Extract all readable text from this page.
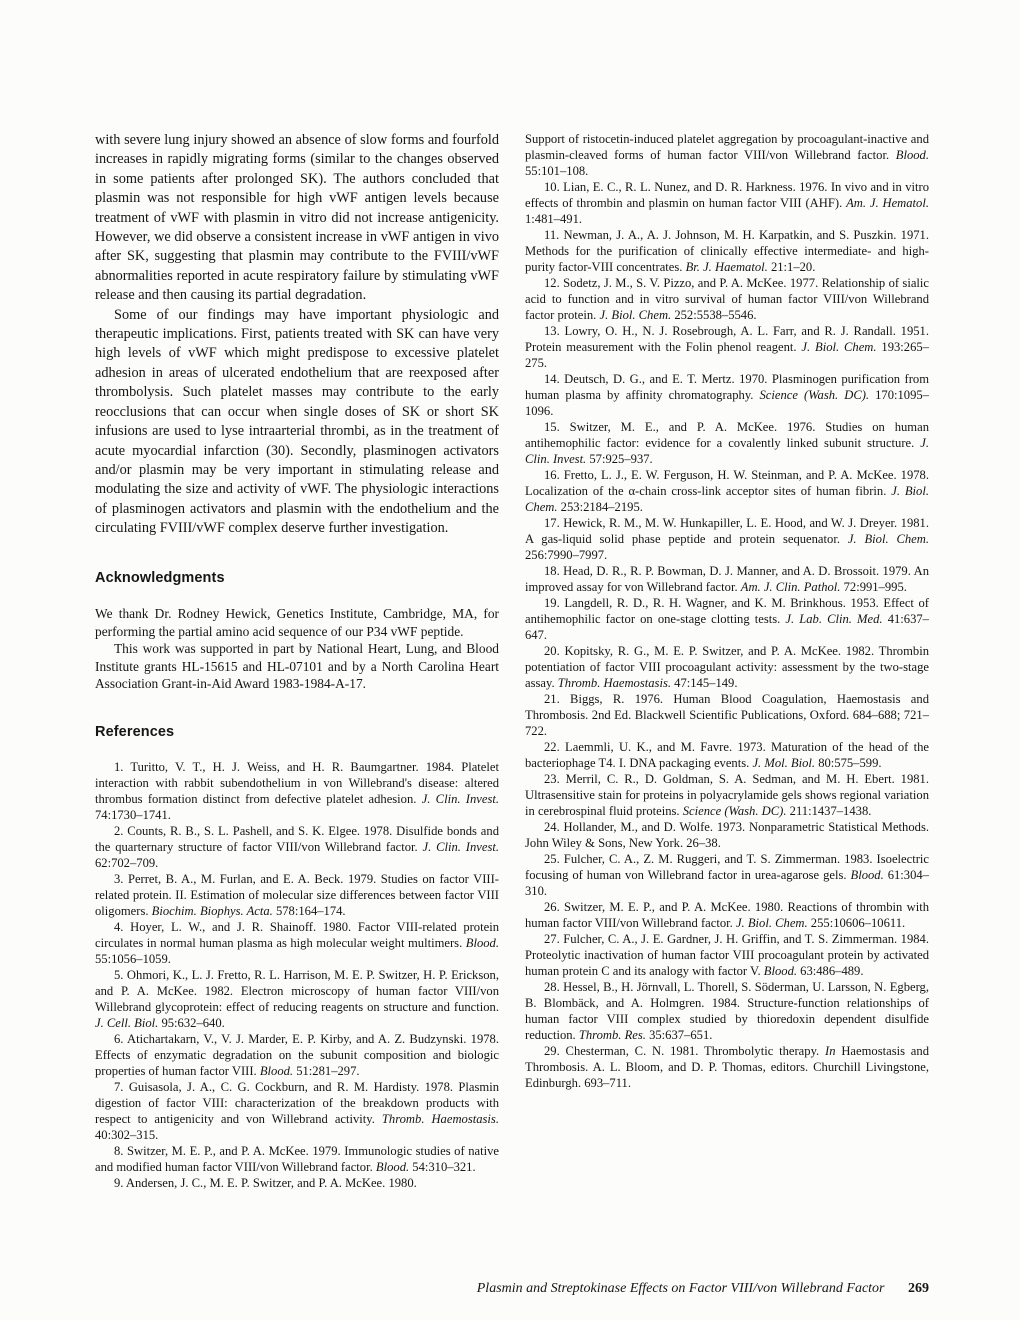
with severe lung injury showed an absence of slow forms and fourfold increases in rapidly migrating forms (similar to the changes observed in some patients after prolonged SK). The authors concluded that plasmin was not responsible for high vWF antigen levels because treatment of vWF with plasmin in vitro did not increase antigenicity. However, we did observe a consistent increase in vWF antigen in vivo after SK, suggesting that plasmin may contribute to the FVIII/vWF abnormalities reported in acute respiratory failure by stimulating vWF release and then causing its partial degradation.

Some of our findings may have important physiologic and therapeutic implications. First, patients treated with SK can have very high levels of vWF which might predispose to excessive platelet adhesion in areas of ulcerated endothelium that are reexposed after thrombolysis. Such platelet masses may contribute to the early reocclusions that can occur when single doses of SK or short SK infusions are used to lyse intraarterial thrombi, as in the treatment of acute myocardial infarction (30). Secondly, plasminogen activators and/or plasmin may be very important in stimulating release and modulating the size and activity of vWF. The physiologic interactions of plasminogen activators and plasmin with the endothelium and the circulating FVIII/vWF complex deserve further investigation.

Acknowledgments

We thank Dr. Rodney Hewick, Genetics Institute, Cambridge, MA, for performing the partial amino acid sequence of our P34 vWF peptide.

This work was supported in part by National Heart, Lung, and Blood Institute grants HL-15615 and HL-07101 and by a North Carolina Heart Association Grant-in-Aid Award 1983-1984-A-17.

References

1. Turitto, V. T., H. J. Weiss, and H. R. Baumgartner. 1984. Platelet interaction with rabbit subendothelium in von Willebrand's disease: altered thrombus formation distinct from defective platelet adhesion. J. Clin. Invest. 74:1730–1741.

2. Counts, R. B., S. L. Pashell, and S. K. Elgee. 1978. Disulfide bonds and the quarternary structure of factor VIII/von Willebrand factor. J. Clin. Invest. 62:702–709.

3. Perret, B. A., M. Furlan, and E. A. Beck. 1979. Studies on factor VIII-related protein. II. Estimation of molecular size differences between factor VIII oligomers. Biochim. Biophys. Acta. 578:164–174.

4. Hoyer, L. W., and J. R. Shainoff. 1980. Factor VIII-related protein circulates in normal human plasma as high molecular weight multimers. Blood. 55:1056–1059.

5. Ohmori, K., L. J. Fretto, R. L. Harrison, M. E. P. Switzer, H. P. Erickson, and P. A. McKee. 1982. Electron microscopy of human factor VIII/von Willebrand glycoprotein: effect of reducing reagents on structure and function. J. Cell. Biol. 95:632–640.

6. Atichartakarn, V., V. J. Marder, E. P. Kirby, and A. Z. Budzynski. 1978. Effects of enzymatic degradation on the subunit composition and biologic properties of human factor VIII. Blood. 51:281–297.

7. Guisasola, J. A., C. G. Cockburn, and R. M. Hardisty. 1978. Plasmin digestion of factor VIII: characterization of the breakdown products with respect to antigenicity and von Willebrand activity. Thromb. Haemostasis. 40:302–315.

8. Switzer, M. E. P., and P. A. McKee. 1979. Immunologic studies of native and modified human factor VIII/von Willebrand factor. Blood. 54:310–321.

9. Andersen, J. C., M. E. P. Switzer, and P. A. McKee. 1980.

Support of ristocetin-induced platelet aggregation by procoagulant-inactive and plasmin-cleaved forms of human factor VIII/von Willebrand factor. Blood. 55:101–108.

10. Lian, E. C., R. L. Nunez, and D. R. Harkness. 1976. In vivo and in vitro effects of thrombin and plasmin on human factor VIII (AHF). Am. J. Hematol. 1:481–491.

11. Newman, J. A., A. J. Johnson, M. H. Karpatkin, and S. Puszkin. 1971. Methods for the purification of clinically effective intermediate- and high-purity factor-VIII concentrates. Br. J. Haematol. 21:1–20.

12. Sodetz, J. M., S. V. Pizzo, and P. A. McKee. 1977. Relationship of sialic acid to function and in vitro survival of human factor VIII/von Willebrand factor protein. J. Biol. Chem. 252:5538–5546.

13. Lowry, O. H., N. J. Rosebrough, A. L. Farr, and R. J. Randall. 1951. Protein measurement with the Folin phenol reagent. J. Biol. Chem. 193:265–275.

14. Deutsch, D. G., and E. T. Mertz. 1970. Plasminogen purification from human plasma by affinity chromatography. Science (Wash. DC). 170:1095–1096.

15. Switzer, M. E., and P. A. McKee. 1976. Studies on human antihemophilic factor: evidence for a covalently linked subunit structure. J. Clin. Invest. 57:925–937.

16. Fretto, L. J., E. W. Ferguson, H. W. Steinman, and P. A. McKee. 1978. Localization of the α-chain cross-link acceptor sites of human fibrin. J. Biol. Chem. 253:2184–2195.

17. Hewick, R. M., M. W. Hunkapiller, L. E. Hood, and W. J. Dreyer. 1981. A gas-liquid solid phase peptide and protein sequenator. J. Biol. Chem. 256:7990–7997.

18. Head, D. R., R. P. Bowman, D. J. Manner, and A. D. Brossoit. 1979. An improved assay for von Willebrand factor. Am. J. Clin. Pathol. 72:991–995.

19. Langdell, R. D., R. H. Wagner, and K. M. Brinkhous. 1953. Effect of antihemophilic factor on one-stage clotting tests. J. Lab. Clin. Med. 41:637–647.

20. Kopitsky, R. G., M. E. P. Switzer, and P. A. McKee. 1982. Thrombin potentiation of factor VIII procoagulant activity: assessment by the two-stage assay. Thromb. Haemostasis. 47:145–149.

21. Biggs, R. 1976. Human Blood Coagulation, Haemostasis and Thrombosis. 2nd Ed. Blackwell Scientific Publications, Oxford. 684–688; 721–722.

22. Laemmli, U. K., and M. Favre. 1973. Maturation of the head of the bacteriophage T4. I. DNA packaging events. J. Mol. Biol. 80:575–599.

23. Merril, C. R., D. Goldman, S. A. Sedman, and M. H. Ebert. 1981. Ultrasensitive stain for proteins in polyacrylamide gels shows regional variation in cerebrospinal fluid proteins. Science (Wash. DC). 211:1437–1438.

24. Hollander, M., and D. Wolfe. 1973. Nonparametric Statistical Methods. John Wiley & Sons, New York. 26–38.

25. Fulcher, C. A., Z. M. Ruggeri, and T. S. Zimmerman. 1983. Isoelectric focusing of human von Willebrand factor in urea-agarose gels. Blood. 61:304–310.

26. Switzer, M. E. P., and P. A. McKee. 1980. Reactions of thrombin with human factor VIII/von Willebrand factor. J. Biol. Chem. 255:10606–10611.

27. Fulcher, C. A., J. E. Gardner, J. H. Griffin, and T. S. Zimmerman. 1984. Proteolytic inactivation of human factor VIII procoagulant protein by activated human protein C and its analogy with factor V. Blood. 63:486–489.

28. Hessel, B., H. Jörnvall, L. Thorell, S. Söderman, U. Larsson, N. Egberg, B. Blombäck, and A. Holmgren. 1984. Structure-function relationships of human factor VIII complex studied by thioredoxin dependent disulfide reduction. Thromb. Res. 35:637–651.

29. Chesterman, C. N. 1981. Thrombolytic therapy. In Haemostasis and Thrombosis. A. L. Bloom, and D. P. Thomas, editors. Churchill Livingstone, Edinburgh. 693–711.

Plasmin and Streptokinase Effects on Factor VIII/von Willebrand Factor 269
